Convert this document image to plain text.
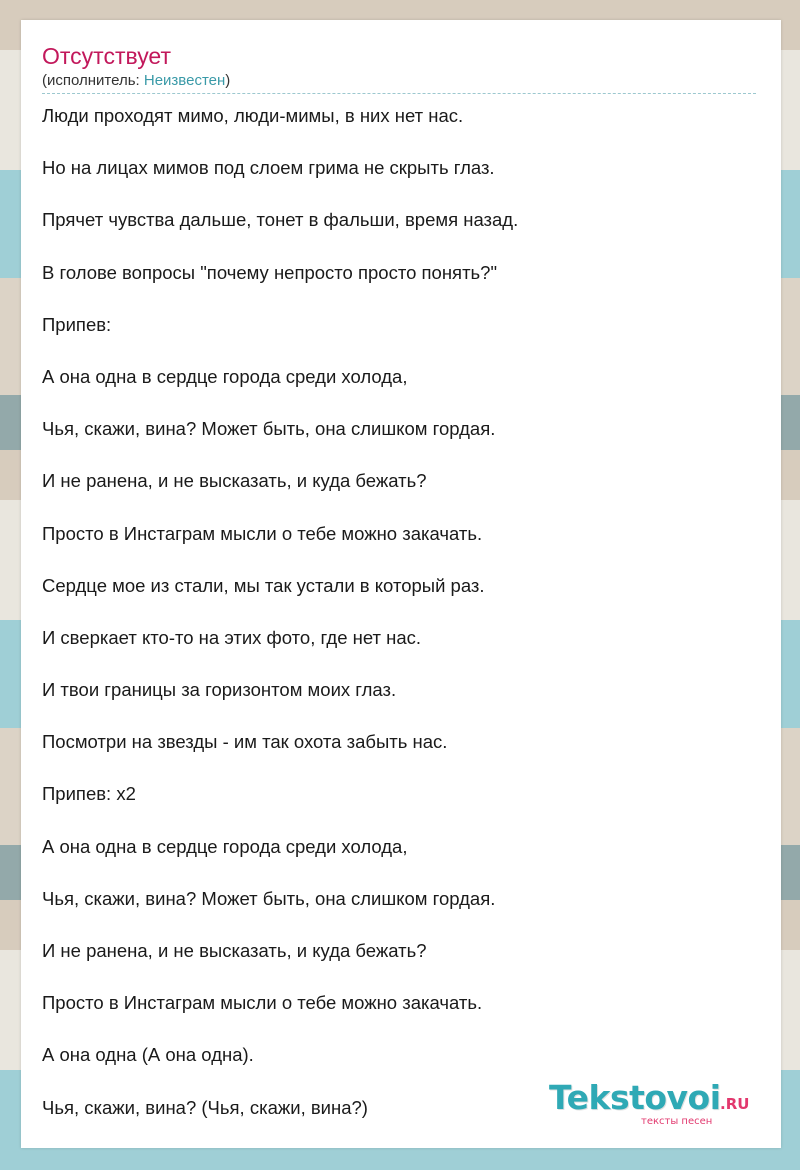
Отсутствует
(исполнитель: Неизвестен)
Люди проходят мимо, люди-мимы, в них нет нас.
Но на лицах мимов под слоем грима не скрыть глаз.
Прячет чувства дальше, тонет в фальши, время назад.
В голове вопросы "почему непросто просто понять?"
Припев:
А она одна в сердце города среди холода,
Чья, скажи, вина? Может быть, она слишком гордая.
И не ранена, и не высказать, и куда бежать?
Просто в Инстаграм мысли о тебе можно закачать.
Сердце мое из стали, мы так устали в который раз.
И сверкает кто-то на этих фото, где нет нас.
И твои границы за горизонтом моих глаз.
Посмотри на звезды - им так охота забыть нас.
Припев: x2
А она одна в сердце города среди холода,
Чья, скажи, вина? Может быть, она слишком гордая.
И не ранена, и не высказать, и куда бежать?
Просто в Инстаграм мысли о тебе можно закачать.
А она одна (А она одна).
Чья, скажи, вина? (Чья, скажи, вина?)	Tekstovoi .RU
тексты песен
